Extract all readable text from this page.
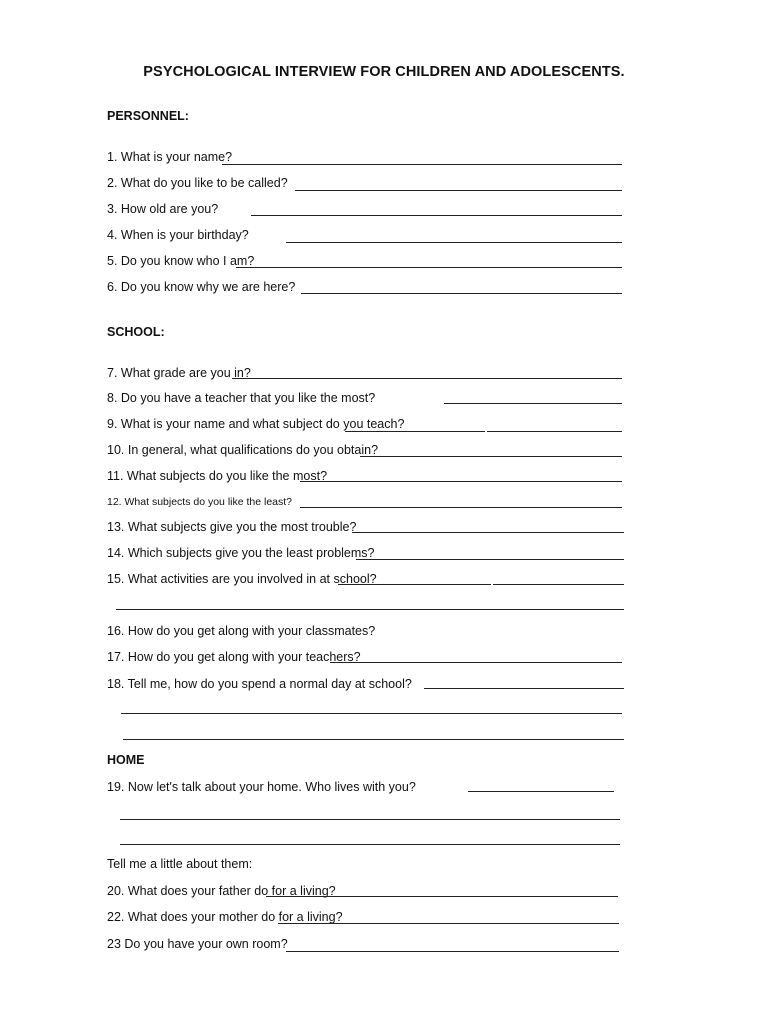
PSYCHOLOGICAL INTERVIEW FOR CHILDREN AND ADOLESCENTS.
PERSONNEL:
1. What is your name?
2. What do you like to be called?
3. How old are you?
4. When is your birthday?
5. Do you know who I am?
6. Do you know why we are here?
SCHOOL:
7. What grade are you in?
8. Do you have a teacher that you like the most?
9. What is your name and what subject do you teach?
10. In general, what qualifications do you obtain?
11. What subjects do you like the most?
12. What subjects do you like the least?
13. What subjects give you the most trouble?
14. Which subjects give you the least problems?
15. What activities are you involved in at school?
16. How do you get along with your classmates?
17. How do you get along with your teachers?
18. Tell me, how do you spend a normal day at school?
HOME
19. Now let's talk about your home. Who lives with you?
Tell me a little about them:
20. What does your father do for a living?
22. What does your mother do for a living?
23 Do you have your own room?
